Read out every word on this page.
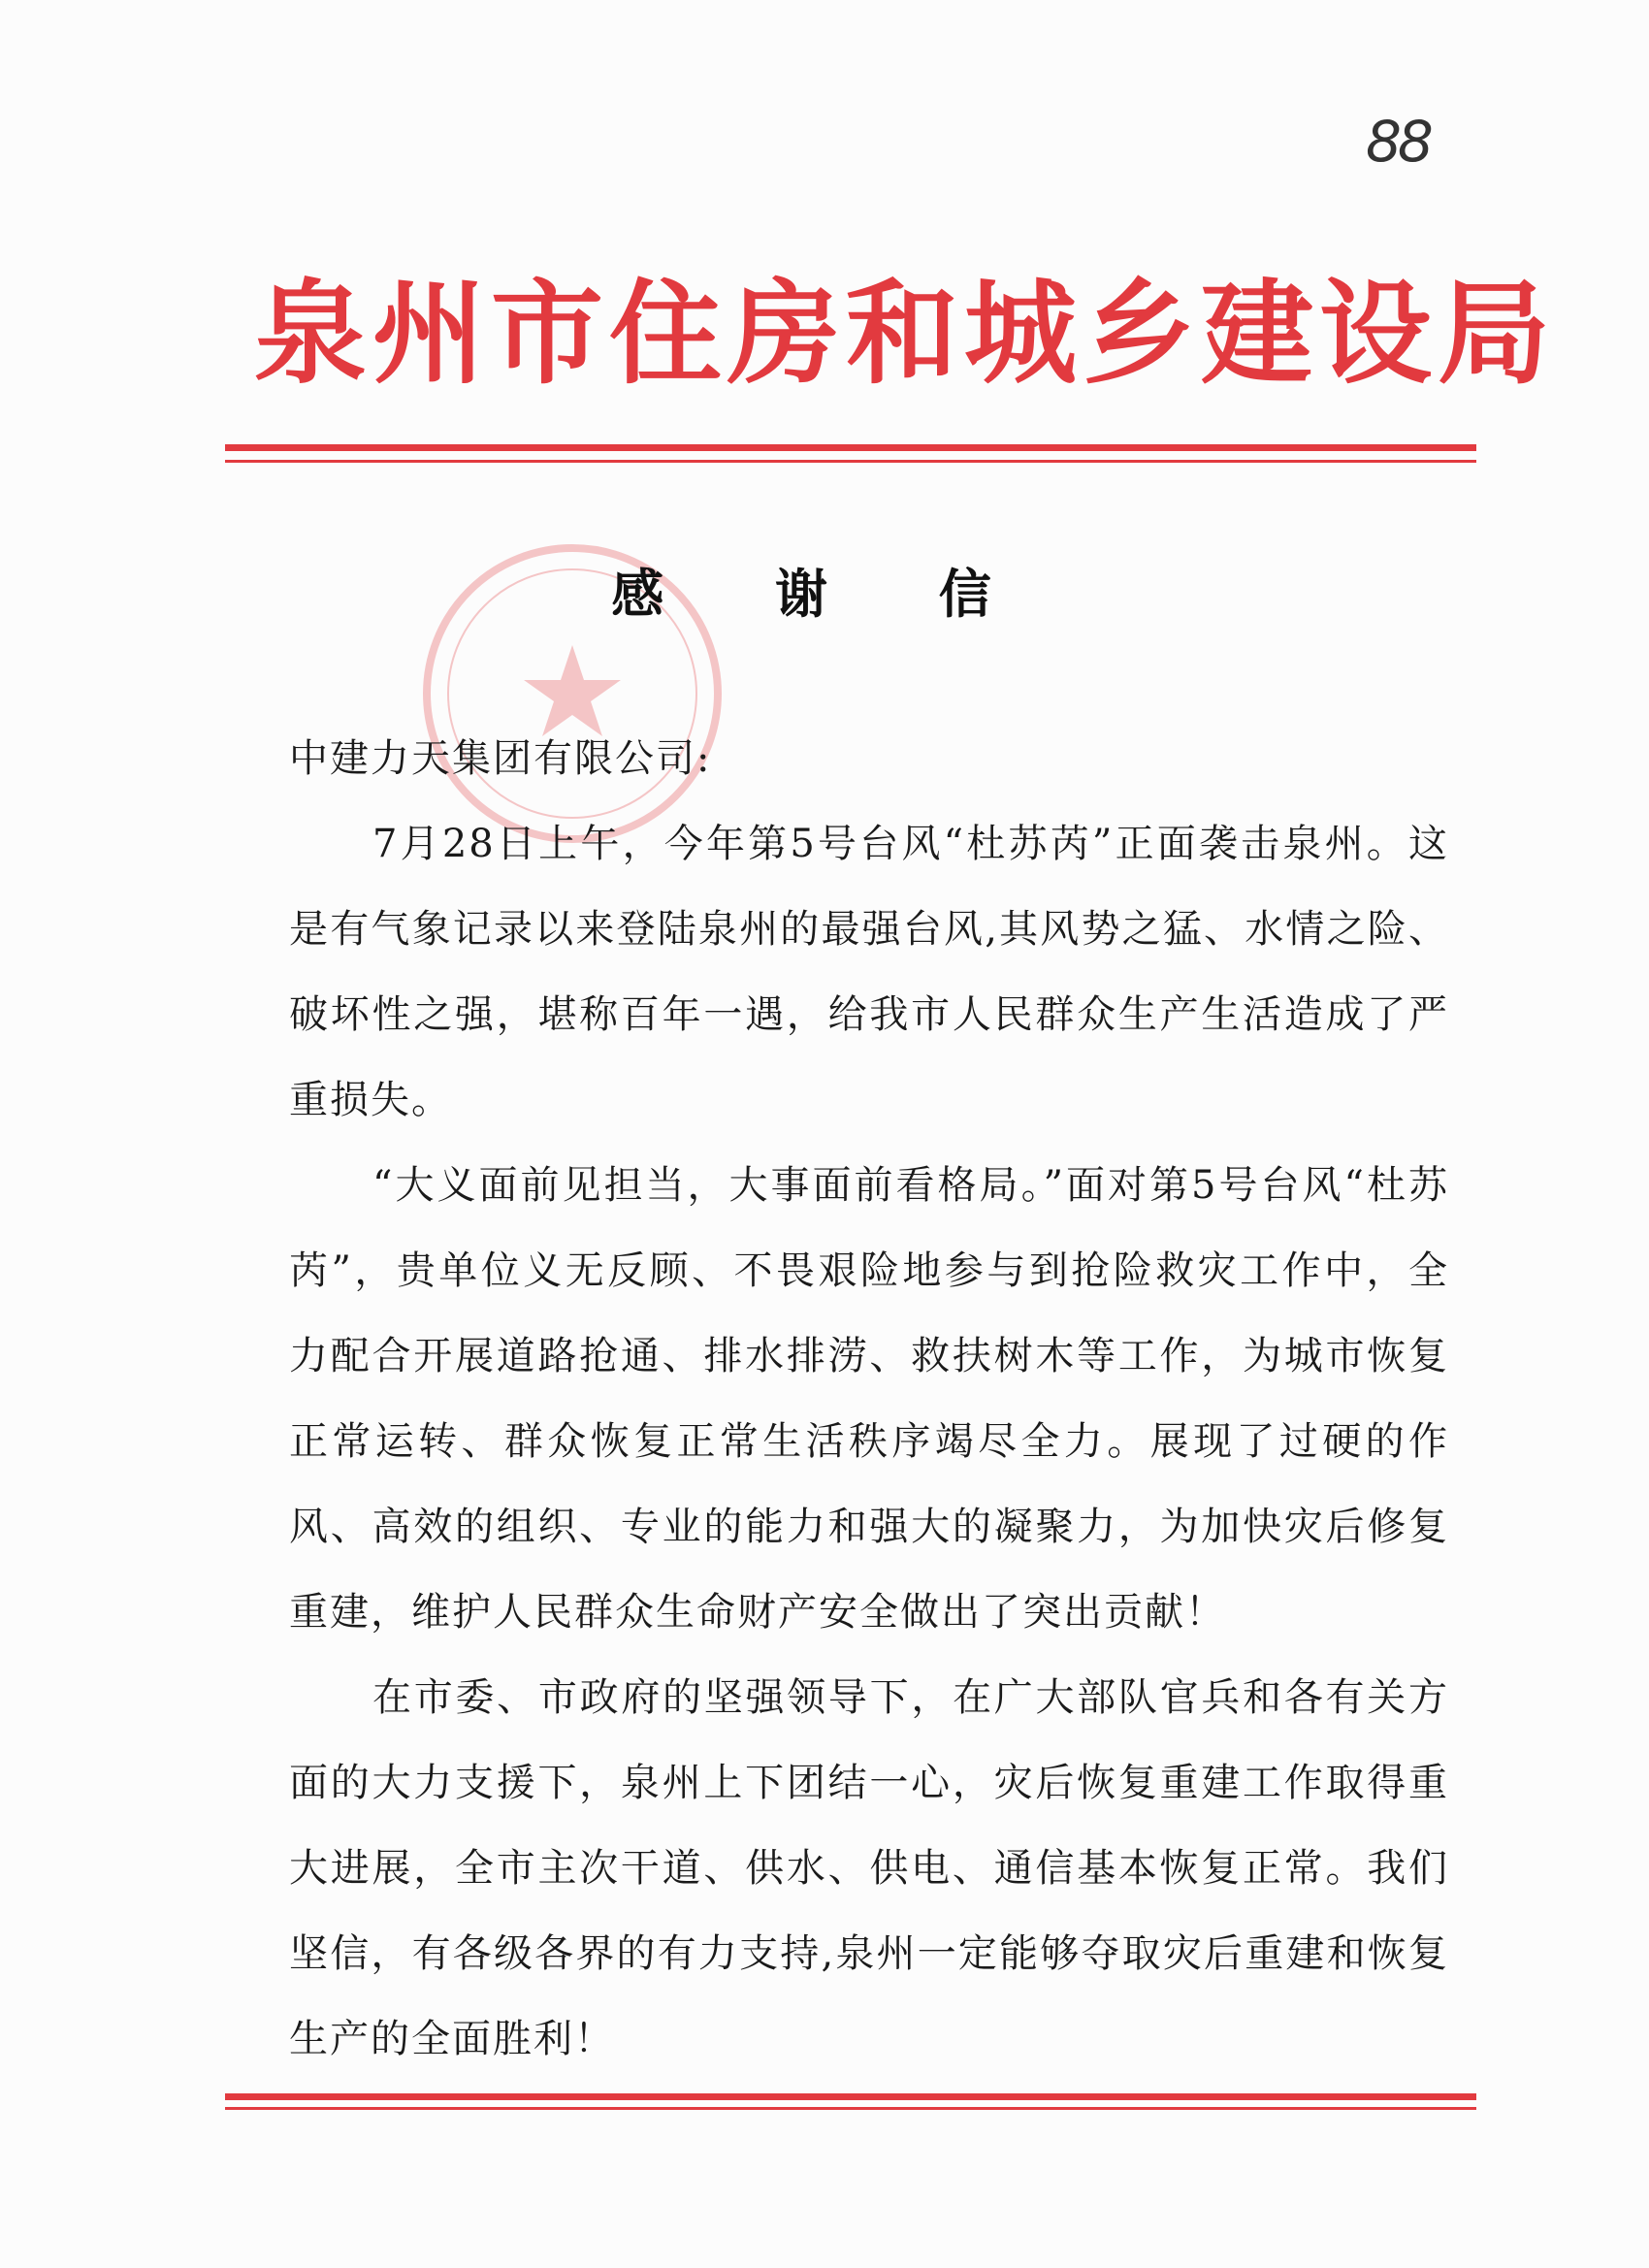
88
泉州市住房和城乡建设局
感 谢 信

中建力天集团有限公司:

7月28日上午，今年第5号台风“杜苏芮”正面袭击泉州。这是有气象记录以来登陆泉州的最强台风,其风势之猛、水情之险、破坏性之强，堪称百年一遇，给我市人民群众生产生活造成了严重损失。

“大义面前见担当，大事面前看格局。”面对第5号台风“杜苏芮”，贵单位义无反顾、不畏艰险地参与到抢险救灾工作中，全力配合开展道路抢通、排水排涝、救扶树木等工作，为城市恢复正常运转、群众恢复正常生活秩序竭尽全力。展现了过硬的作风、高效的组织、专业的能力和强大的凝聚力，为加快灾后修复重建，维护人民群众生命财产安全做出了突出贡献！

在市委、市政府的坚强领导下，在广大部队官兵和各有关方面的大力支援下，泉州上下团结一心，灾后恢复重建工作取得重大进展，全市主次干道、供水、供电、通信基本恢复正常。我们坚信，有各级各界的有力支持,泉州一定能够夺取灾后重建和恢复生产的全面胜利！
